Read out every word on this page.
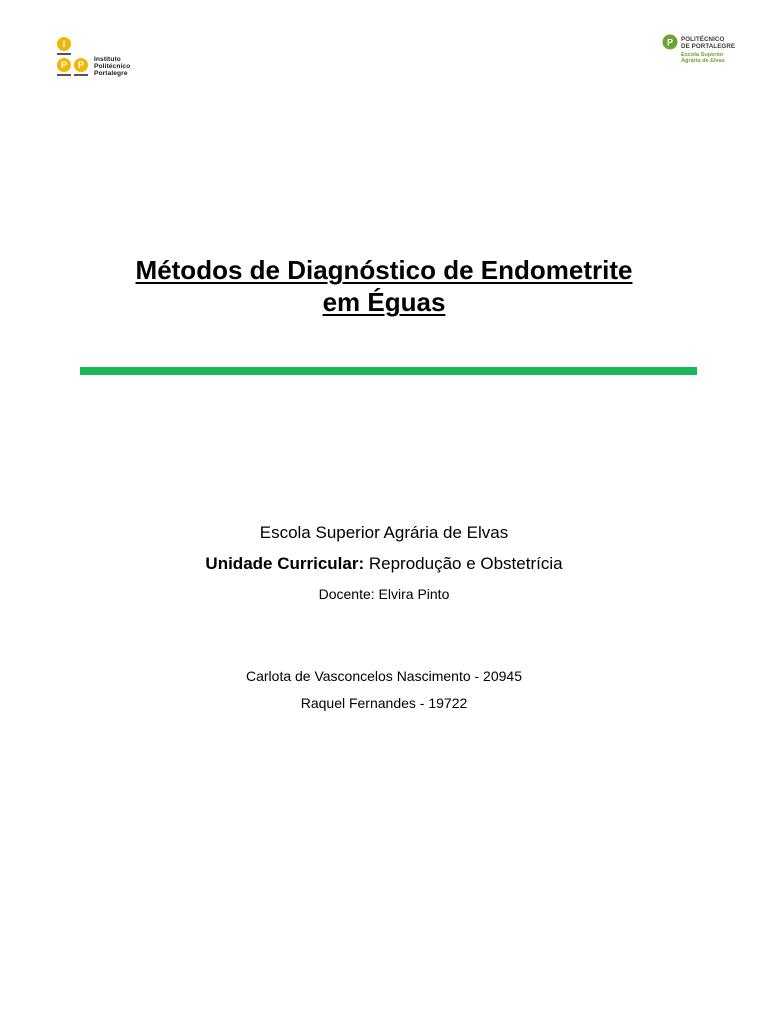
I
P P
Instituto
Politécnico
Portalegre
P POLITÉCNICO
DE PORTALEGRE
Escola Superior
Agrária de Elvas
Métodos de Diagnóstico de Endometrite
em Éguas
Escola Superior Agrária de Elvas
Unidade Curricular: Reprodução e Obstetrícia
Docente: Elvira Pinto
Carlota de Vasconcelos Nascimento - 20945
Raquel Fernandes - 19722
